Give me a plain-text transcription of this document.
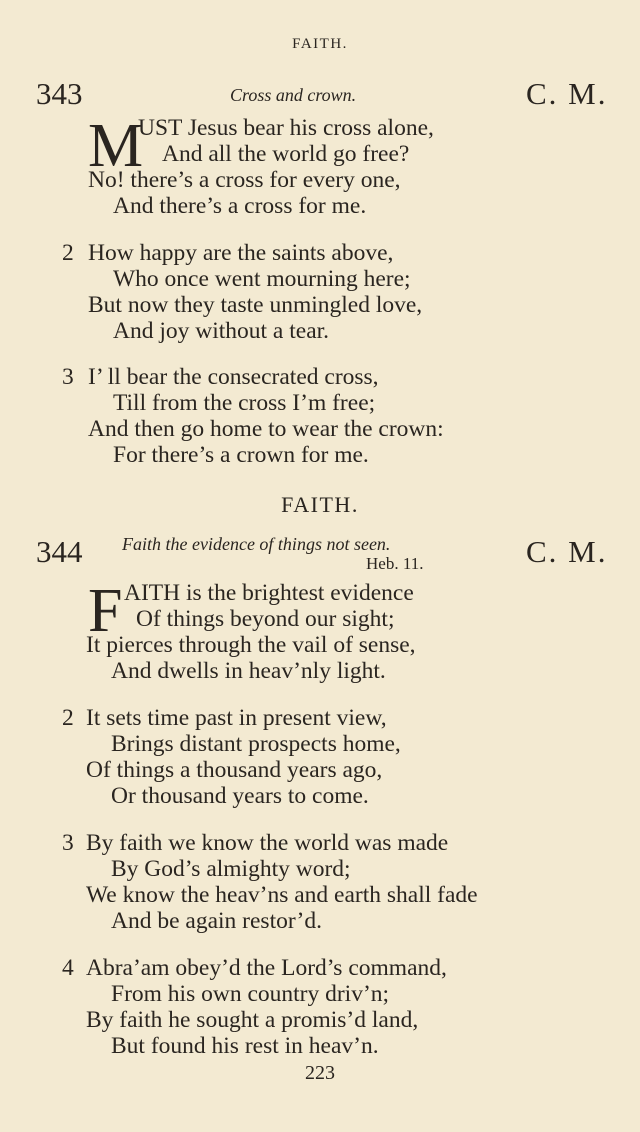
FAITH.
343	Cross and crown.	C. M.
M
UST Jesus bear his cross alone,
And all the world go free?
No! there’s a cross for every one,
And there’s a cross for me.
2 How happy are the saints above,
Who once went mourning here;
But now they taste unmingled love,
And joy without a tear.
3 I’ ll bear the consecrated cross,
Till from the cross I’m free;
And then go home to wear the crown:
For there’s a crown for me.
FAITH.
344 Faith the evidence of things not seen.
Heb. 11.	C. M.
F AITH is the brightest evidence
Of things beyond our sight;
It pierces through the vail of sense,
And dwells in heav’nly light.
2 It sets time past in present view,
Brings distant prospects home,
Of things a thousand years ago,
Or thousand years to come.
3 By faith we know the world was made
By God’s almighty word;
We know the heav’ns and earth shall fade
And be again restor’d.
4 Abra’am obey’d the Lord’s command,
From his own country driv’n;
By faith he sought a promis’d land,
But found his rest in heav’n.
223
